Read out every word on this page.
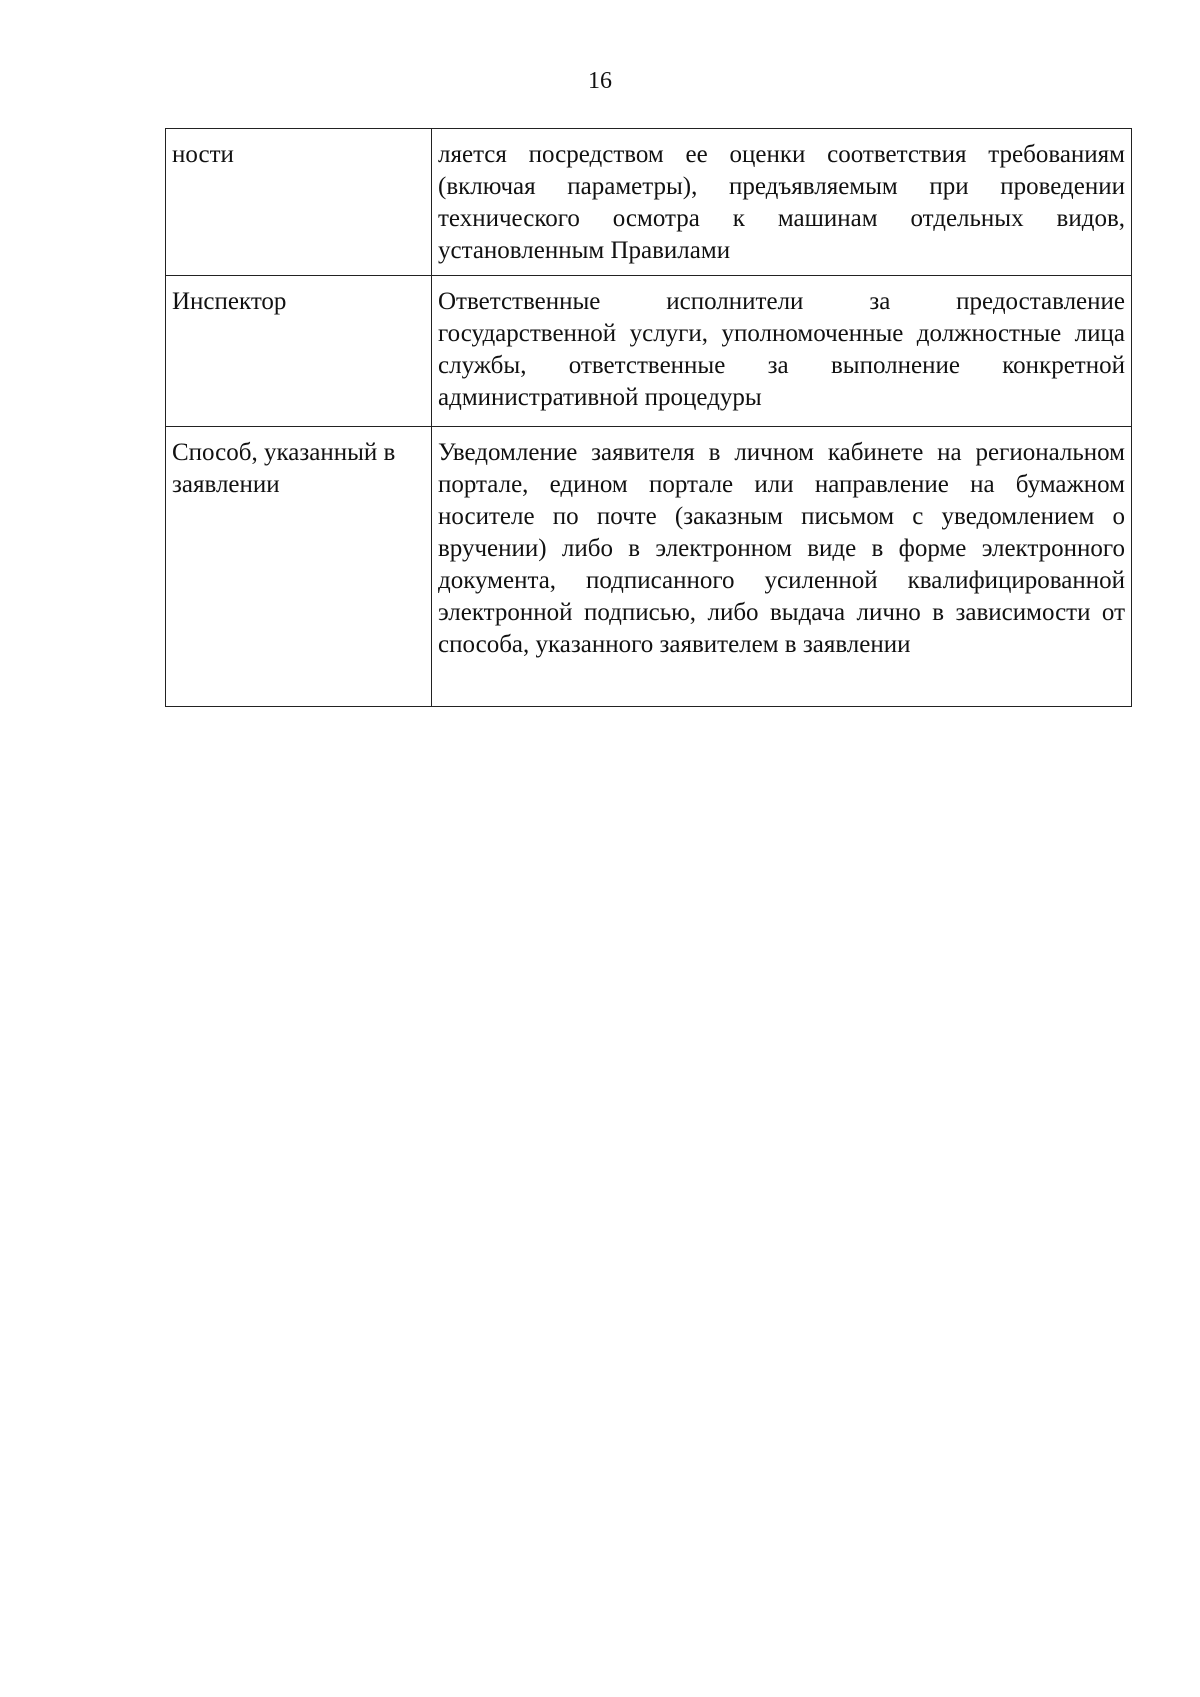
16
ности	ляется посредством ее оценки соответствия требованиям (включая параметры), предъявляемым при проведении технического осмотра к машинам отдельных видов, установленным Правилами
Инспектор	Ответственные исполнители за предоставление государственной услуги, уполномоченные должностные лица службы, ответственные за выполнение конкретной административной процедуры
Способ, указанный в заявлении	Уведомление заявителя в личном кабинете на региональном портале, едином портале или направление на бумажном носителе по почте (заказным письмом с уведомлением о вручении) либо в электронном виде в форме электронного документа, подписанного усиленной квалифицированной электронной подписью, либо выдача лично в зависимости от способа, указанного заявителем в заявлении
